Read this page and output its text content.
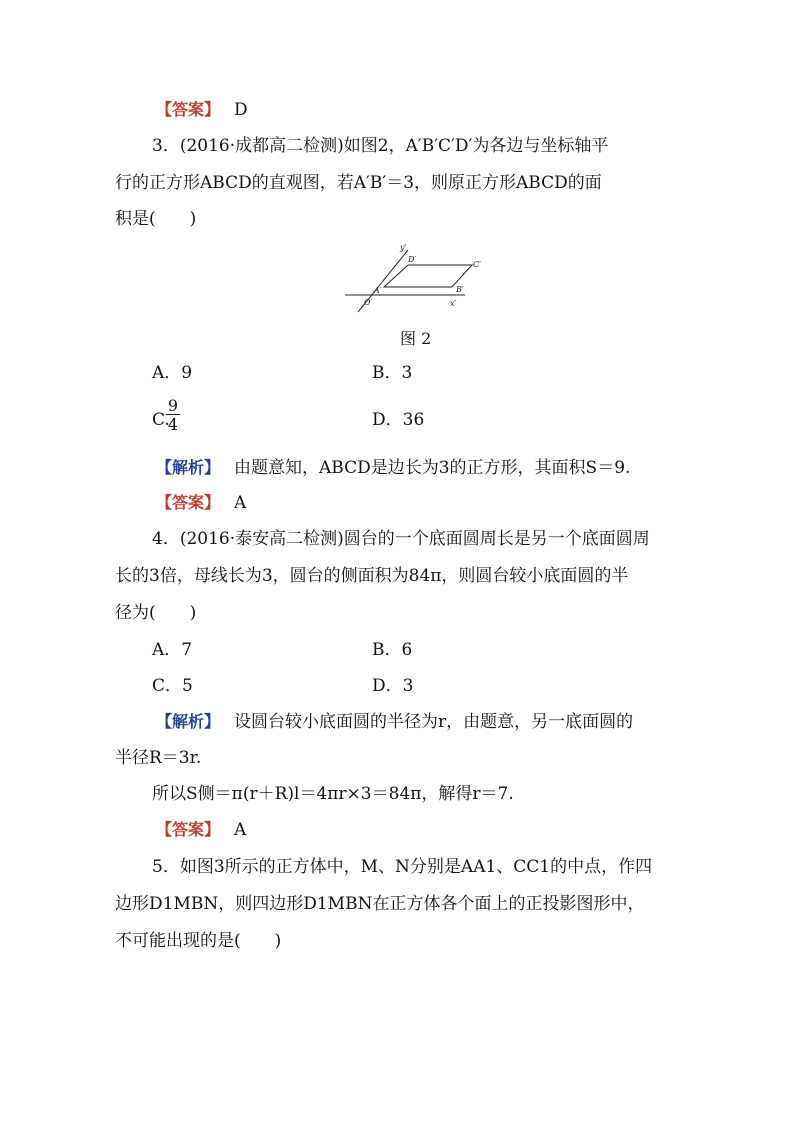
【答案】 D
3．(2016·成都高二检测)如图2，A′B′C′D′为各边与坐标轴平
行的正方形ABCD的直观图，若A′B′＝3，则原正方形ABCD的面
积是(　　)
y′
D′
C′
A′	B′
O′	x′
图 2
A．9	B．3
C.
9
4	D．36
【解析】 由题意知，ABCD是边长为3的正方形，其面积S＝9.
【答案】 A
4．(2016·泰安高二检测)圆台的一个底面圆周长是另一个底面圆周
长的3倍，母线长为3，圆台的侧面积为84π，则圆台较小底面圆的半
径为(　　)
A．7	B．6
C．5	D．3
【解析】 设圆台较小底面圆的半径为r，由题意，另一底面圆的
半径R＝3r.
所以S侧＝π(r＋R)l＝4πr×3＝84π，解得r＝7.
【答案】 A
5．如图3所示的正方体中，M、N分别是AA1、CC1的中点，作四
边形D1MBN，则四边形D1MBN在正方体各个面上的正投影图形中，
不可能出现的是(　　)
